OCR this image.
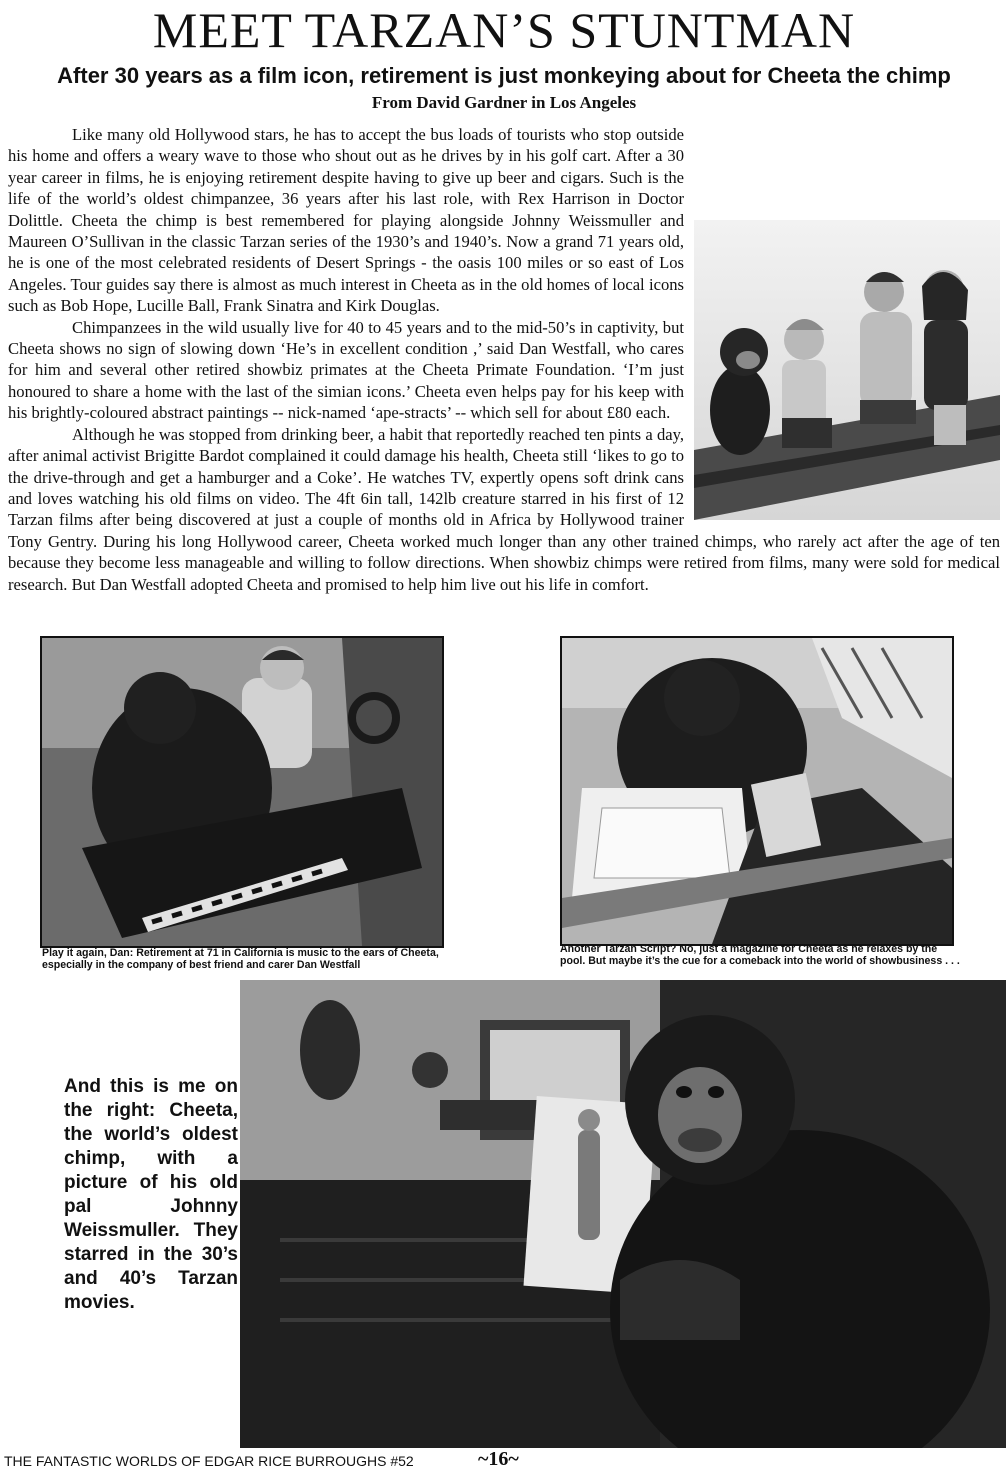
MEET TARZAN’S STUNTMAN
After 30 years as a film icon, retirement is just monkeying about for Cheeta the chimp
From David Gardner in Los Angeles

Like many old Hollywood stars, he has to accept the bus loads of tourists who stop outside his home and offers a weary wave to those who shout out as he drives by in his golf cart. After a 30 year career in films, he is enjoying retirement despite having to give up beer and cigars. Such is the life of the world’s oldest chimpanzee, 36 years after his last role, with Rex Harrison in Doctor Dolittle. Cheeta the chimp is best remembered for playing alongside Johnny Weissmuller and Maureen O’Sullivan in the classic Tarzan series of the 1930’s and 1940’s. Now a grand 71 years old, he is one of the most celebrated residents of Desert Springs - the oasis 100 miles or so east of Los Angeles. Tour guides say there is almost as much interest in Cheeta as in the old homes of local icons such as Bob Hope, Lucille Ball, Frank Sinatra and Kirk Douglas.

Chimpanzees in the wild usually live for 40 to 45 years and to the mid-50’s in captivity, but Cheeta shows no sign of slowing down ‘He’s in excellent condition ,’ said Dan Westfall, who cares for him and several other retired showbiz primates at the Cheeta Primate Foundation. ‘I’m just honoured to share a home with the last of the simian icons.’ Cheeta even helps pay for his keep with his brightly-coloured abstract paintings -- nick-named ‘ape-stracts’ -- which sell for about £80 each.

Although he was stopped from drinking beer, a habit that reportedly reached ten pints a day, after animal activist Brigitte Bardot complained it could damage his health, Cheeta still ‘likes to go to the drive-through and get a hamburger and a Coke’. He watches TV, expertly opens soft drink cans and loves watching his old films on video. The 4ft 6in tall, 142lb creature starred in his first of 12 Tarzan films after being discovered at just a couple of months old in Africa by Hollywood trainer Tony Gentry. During his long Hollywood career, Cheeta worked much longer than any other trained chimps, who rarely act after the age of ten because they become less manageable and willing to follow directions. When showbiz chimps were retired from films, many were sold for medical research. But Dan Westfall adopted Cheeta and promised to help him live out his life in comfort.

Play it again, Dan: Retirement at 71 in California is music to the ears of Cheeta, especially in the company of best friend and carer Dan Westfall
Another Tarzan Script? No, just a magazine for Cheeta as he relaxes by the pool. But maybe it’s the cue for a comeback into the world of showbusiness . . .
And this is me on the right: Cheeta, the world’s oldest chimp, with a picture of his old pal Johnny Weissmuller. They starred in the 30’s and 40’s Tarzan movies.
THE FANTASTIC WORLDS OF EDGAR RICE BURROUGHS #52	~16~
